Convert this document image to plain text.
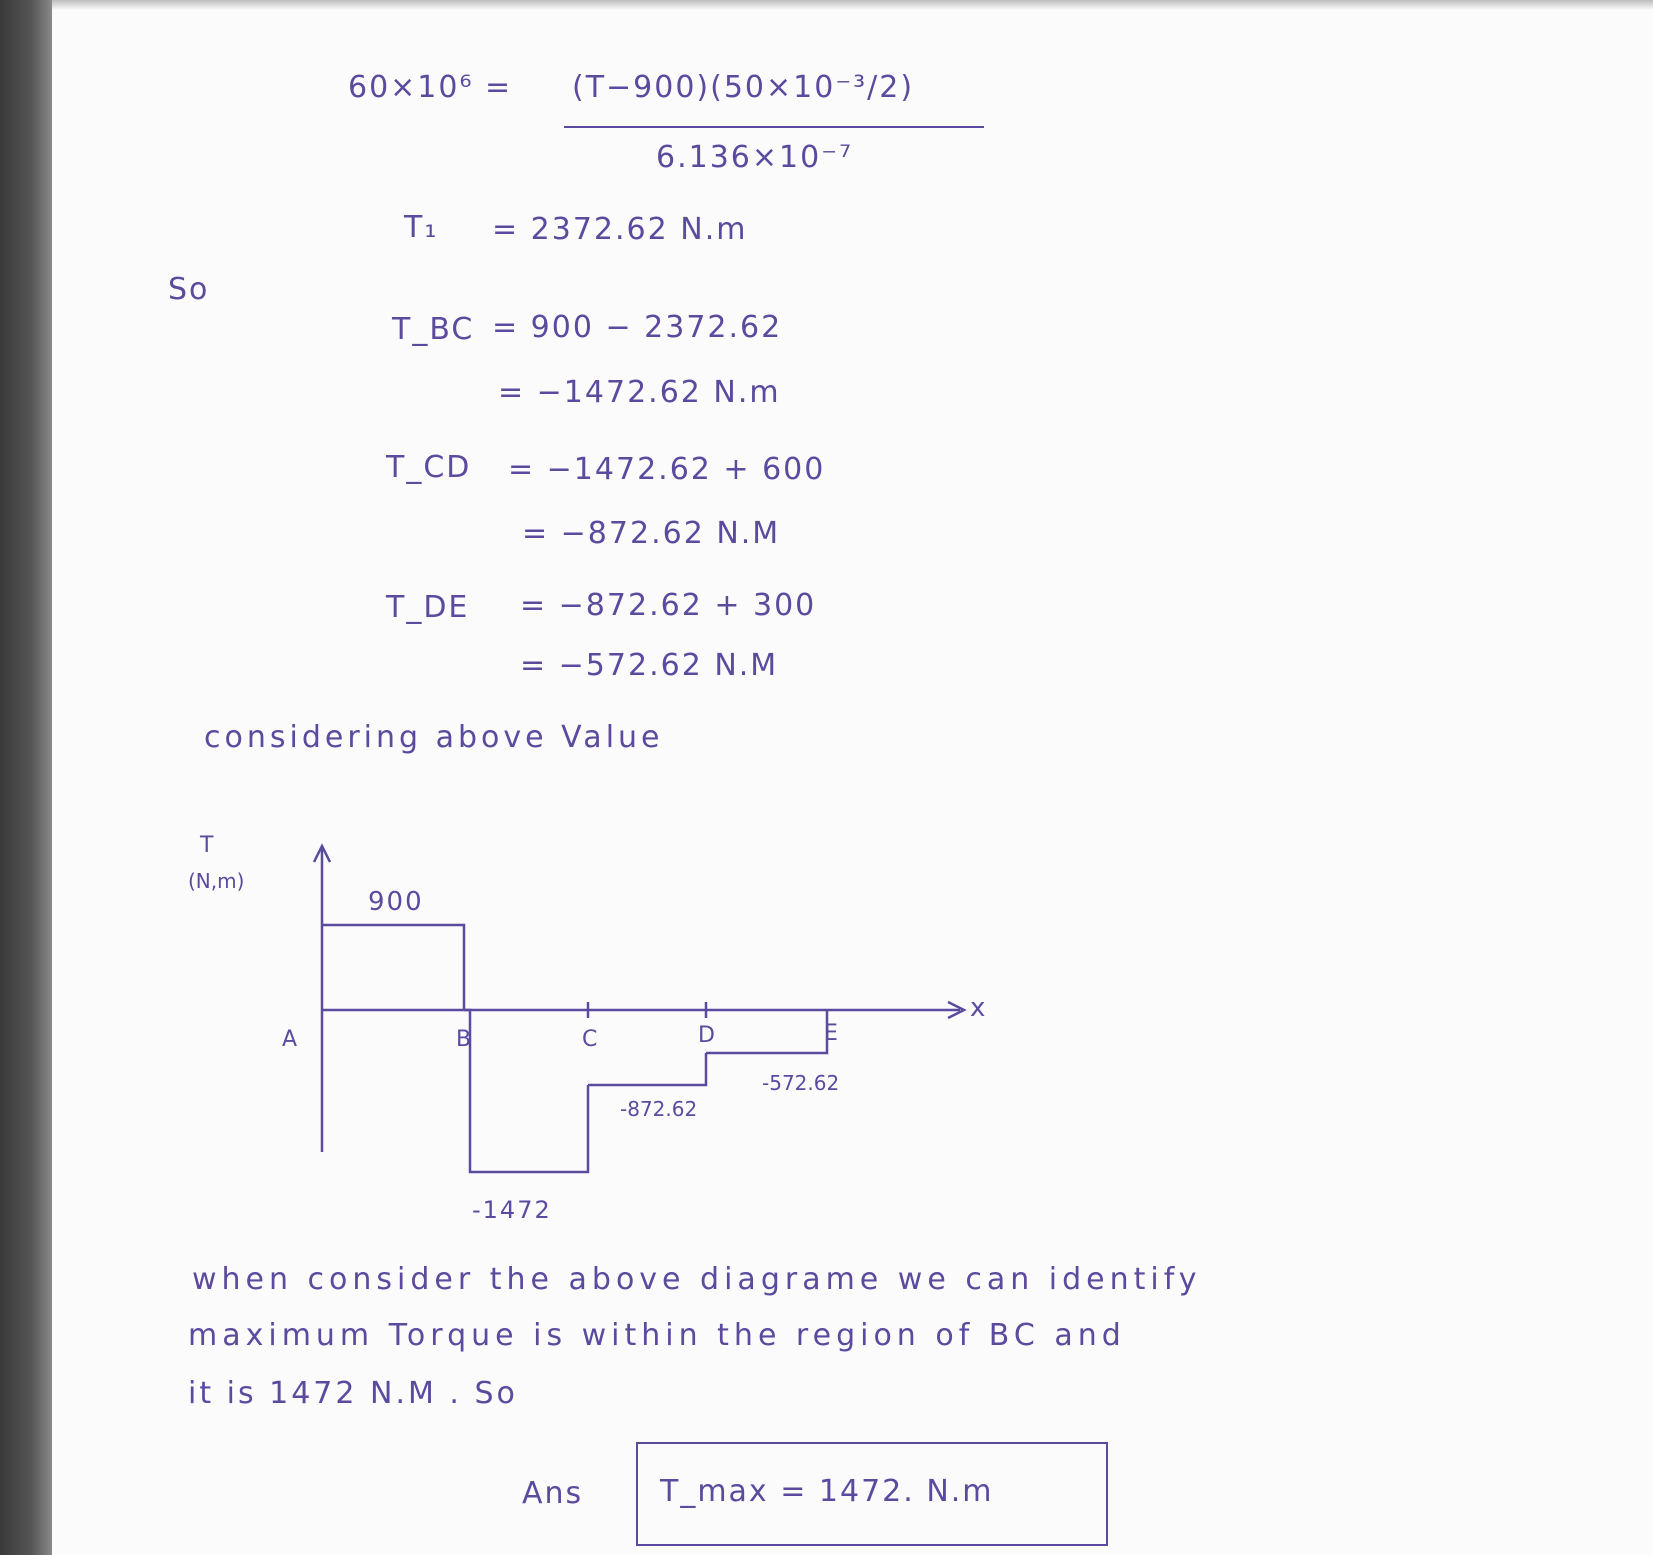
60×10⁶ = (T−900)(50×10⁻³/2)
6.136×10⁻⁷
T₁ = 2372.62 N.m
So
T_BC = 900 − 2372.62
= −1472.62 N.m
T_CD = −1472.62 + 600
= −872.62 N.M
T_DE = −872.62 + 300
= −572.62 N.M
considering above Value
T
(N,m)
x
A	B	C	D	E
900
-1472
-872.62
-572.62
when consider the above diagrame we can identify
maximum Torque is within the region of BC and
it is 1472 N.M . So
Ans	T_max = 1472. N.m
